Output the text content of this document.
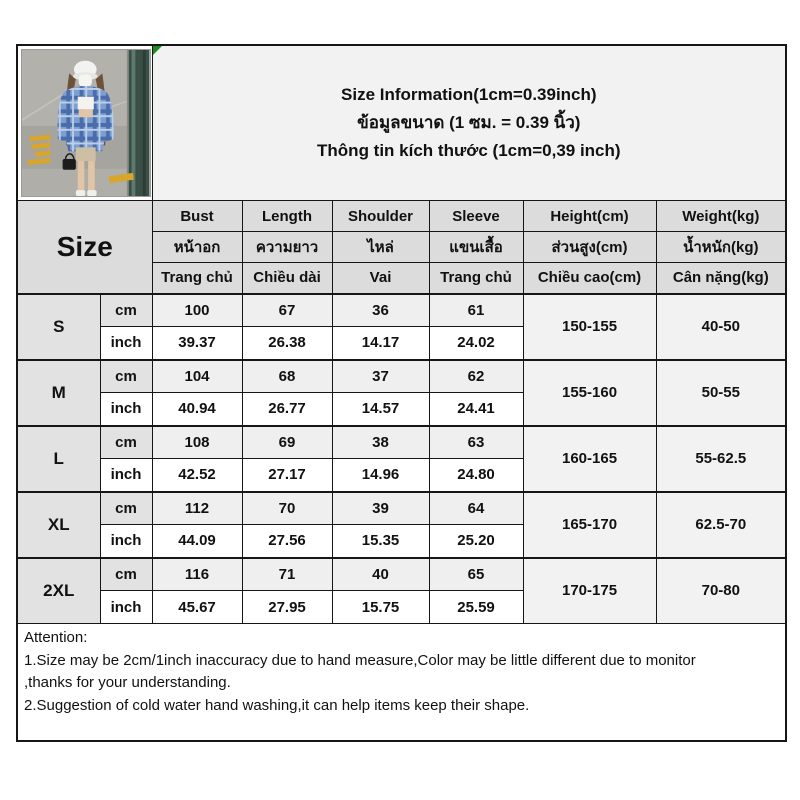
Size Information(1cm=0.39inch)
ข้อมูลขนาด (1 ซม. = 0.39 นิ้ว)
Thông tin kích thước (1cm=0,39 inch)					

Size		Bust	Length	Shoulder	Sleeve	Height(cm)	Weight(kg)
		หน้าอก	ความยาว	ไหล่	แขนเสื้อ	ส่วนสูง(cm)	น้ำหนัก(kg)
		Trang chủ	Chiều dài	Vai	Trang chủ	Chiều cao(cm)	Cân nặng(kg)
S	cm	100	67	36	61	150-155	40-50
	inch	39.37	26.38	14.17	24.02		
M	cm	104	68	37	62	155-160	50-55
	inch	40.94	26.77	14.57	24.41		
L	cm	108	69	38	63	160-165	55-62.5
	inch	42.52	27.17	14.96	24.80		
XL	cm	112	70	39	64	165-170	62.5-70
	inch	44.09	27.56	15.35	25.20		
2XL	cm	116	71	40	65	170-175	70-80
	inch	45.67	27.95	15.75	25.59		

Attention:
1.Size may be 2cm/1inch inaccuracy due to hand measure,Color may be little different due to monitor
,thanks for your understanding.
2.Suggestion of cold water hand washing,it can help items keep their shape.							
